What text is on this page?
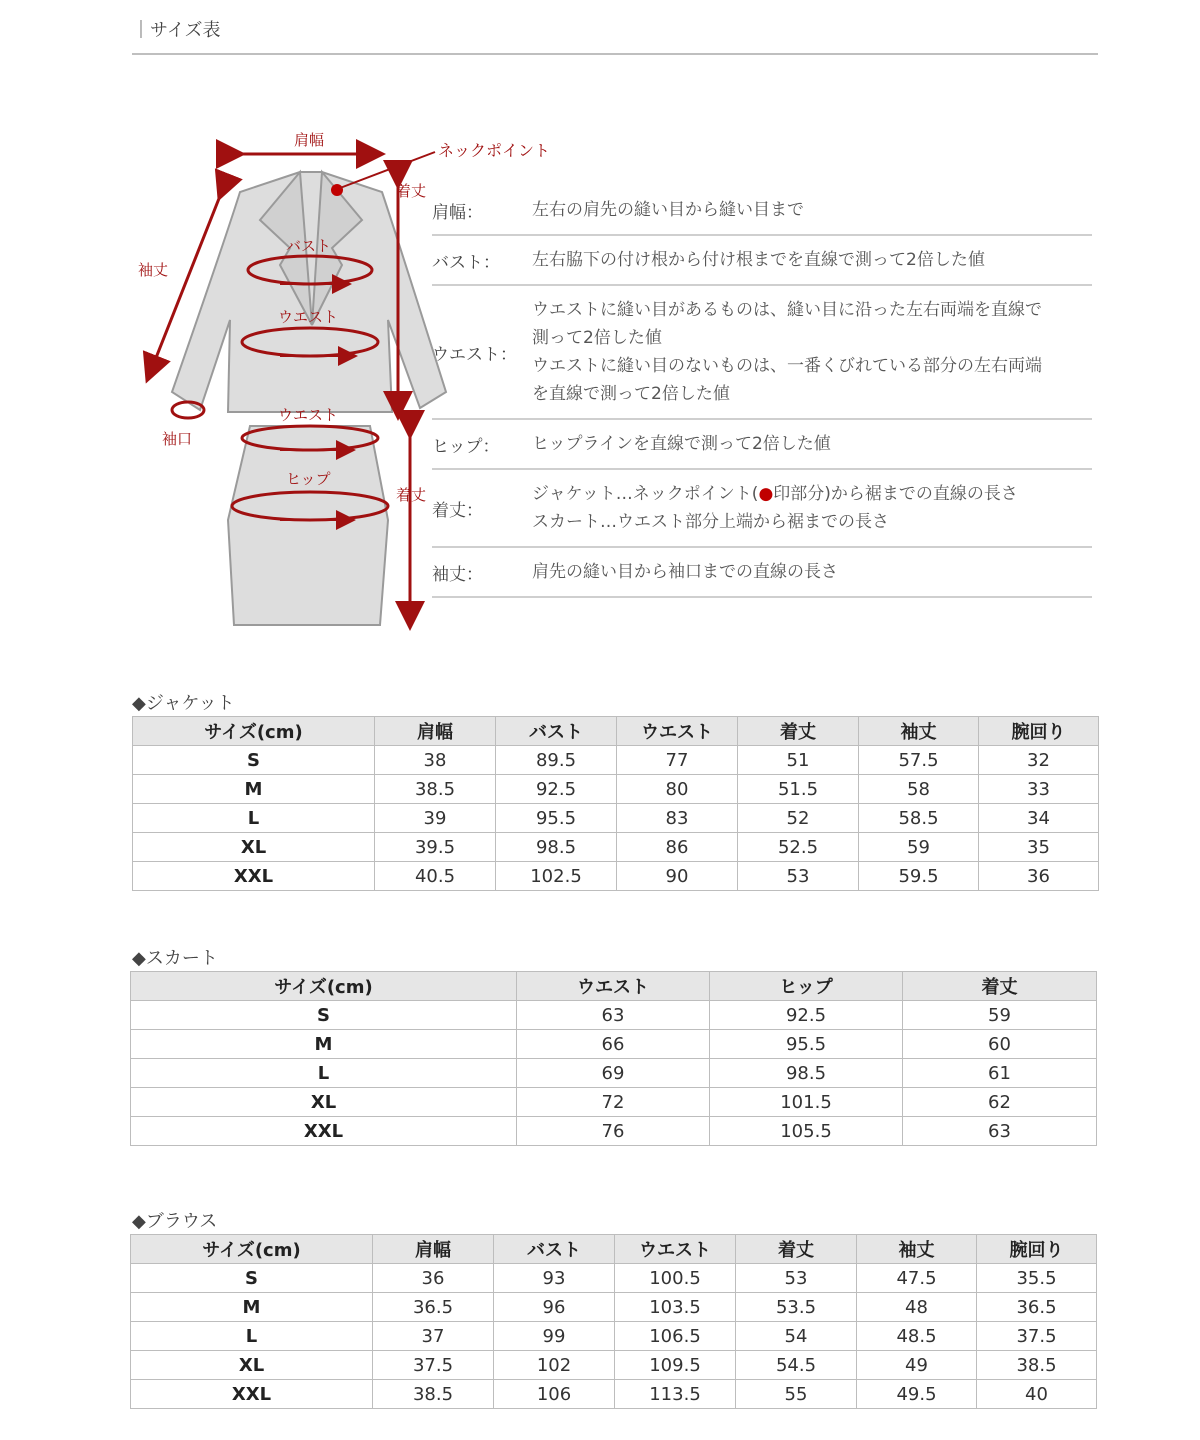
｜サイズ表
肩幅
ネックポイント
着丈
袖丈
バスト
ウエスト
袖口
ウエスト
ヒップ
着丈
肩幅：	左右の肩先の縫い目から縫い目まで
バスト：	左右脇下の付け根から付け根までを直線で測って2倍した値
ウエスト：
ウエストに縫い目があるものは、縫い目に沿った左右両端を直線で
測って2倍した値
ウエストに縫い目のないものは、一番くびれている部分の左右両端
を直線で測って2倍した値
ヒップ：	ヒップラインを直線で測って2倍した値
着丈：
ジャケット…ネックポイント(●印部分)から裾までの直線の長さ
スカート…ウエスト部分上端から裾までの長さ
袖丈：	肩先の縫い目から袖口までの直線の長さ
◆ジャケット
サイズ(cm)	肩幅	バスト	ウエスト	着丈	袖丈	腕回り
S	38	89.5	77	51	57.5	32
M	38.5	92.5	80	51.5	58	33
L	39	95.5	83	52	58.5	34
XL	39.5	98.5	86	52.5	59	35
XXL	40.5	102.5	90	53	59.5	36
◆スカート
サイズ(cm)	ウエスト	ヒップ	着丈
S	63	92.5	59
M	66	95.5	60
L	69	98.5	61
XL	72	101.5	62
XXL	76	105.5	63
◆ブラウス
サイズ(cm)	肩幅	バスト	ウエスト	着丈	袖丈	腕回り
S	36	93	100.5	53	47.5	35.5
M	36.5	96	103.5	53.5	48	36.5
L	37	99	106.5	54	48.5	37.5
XL	37.5	102	109.5	54.5	49	38.5
XXL	38.5	106	113.5	55	49.5	40
